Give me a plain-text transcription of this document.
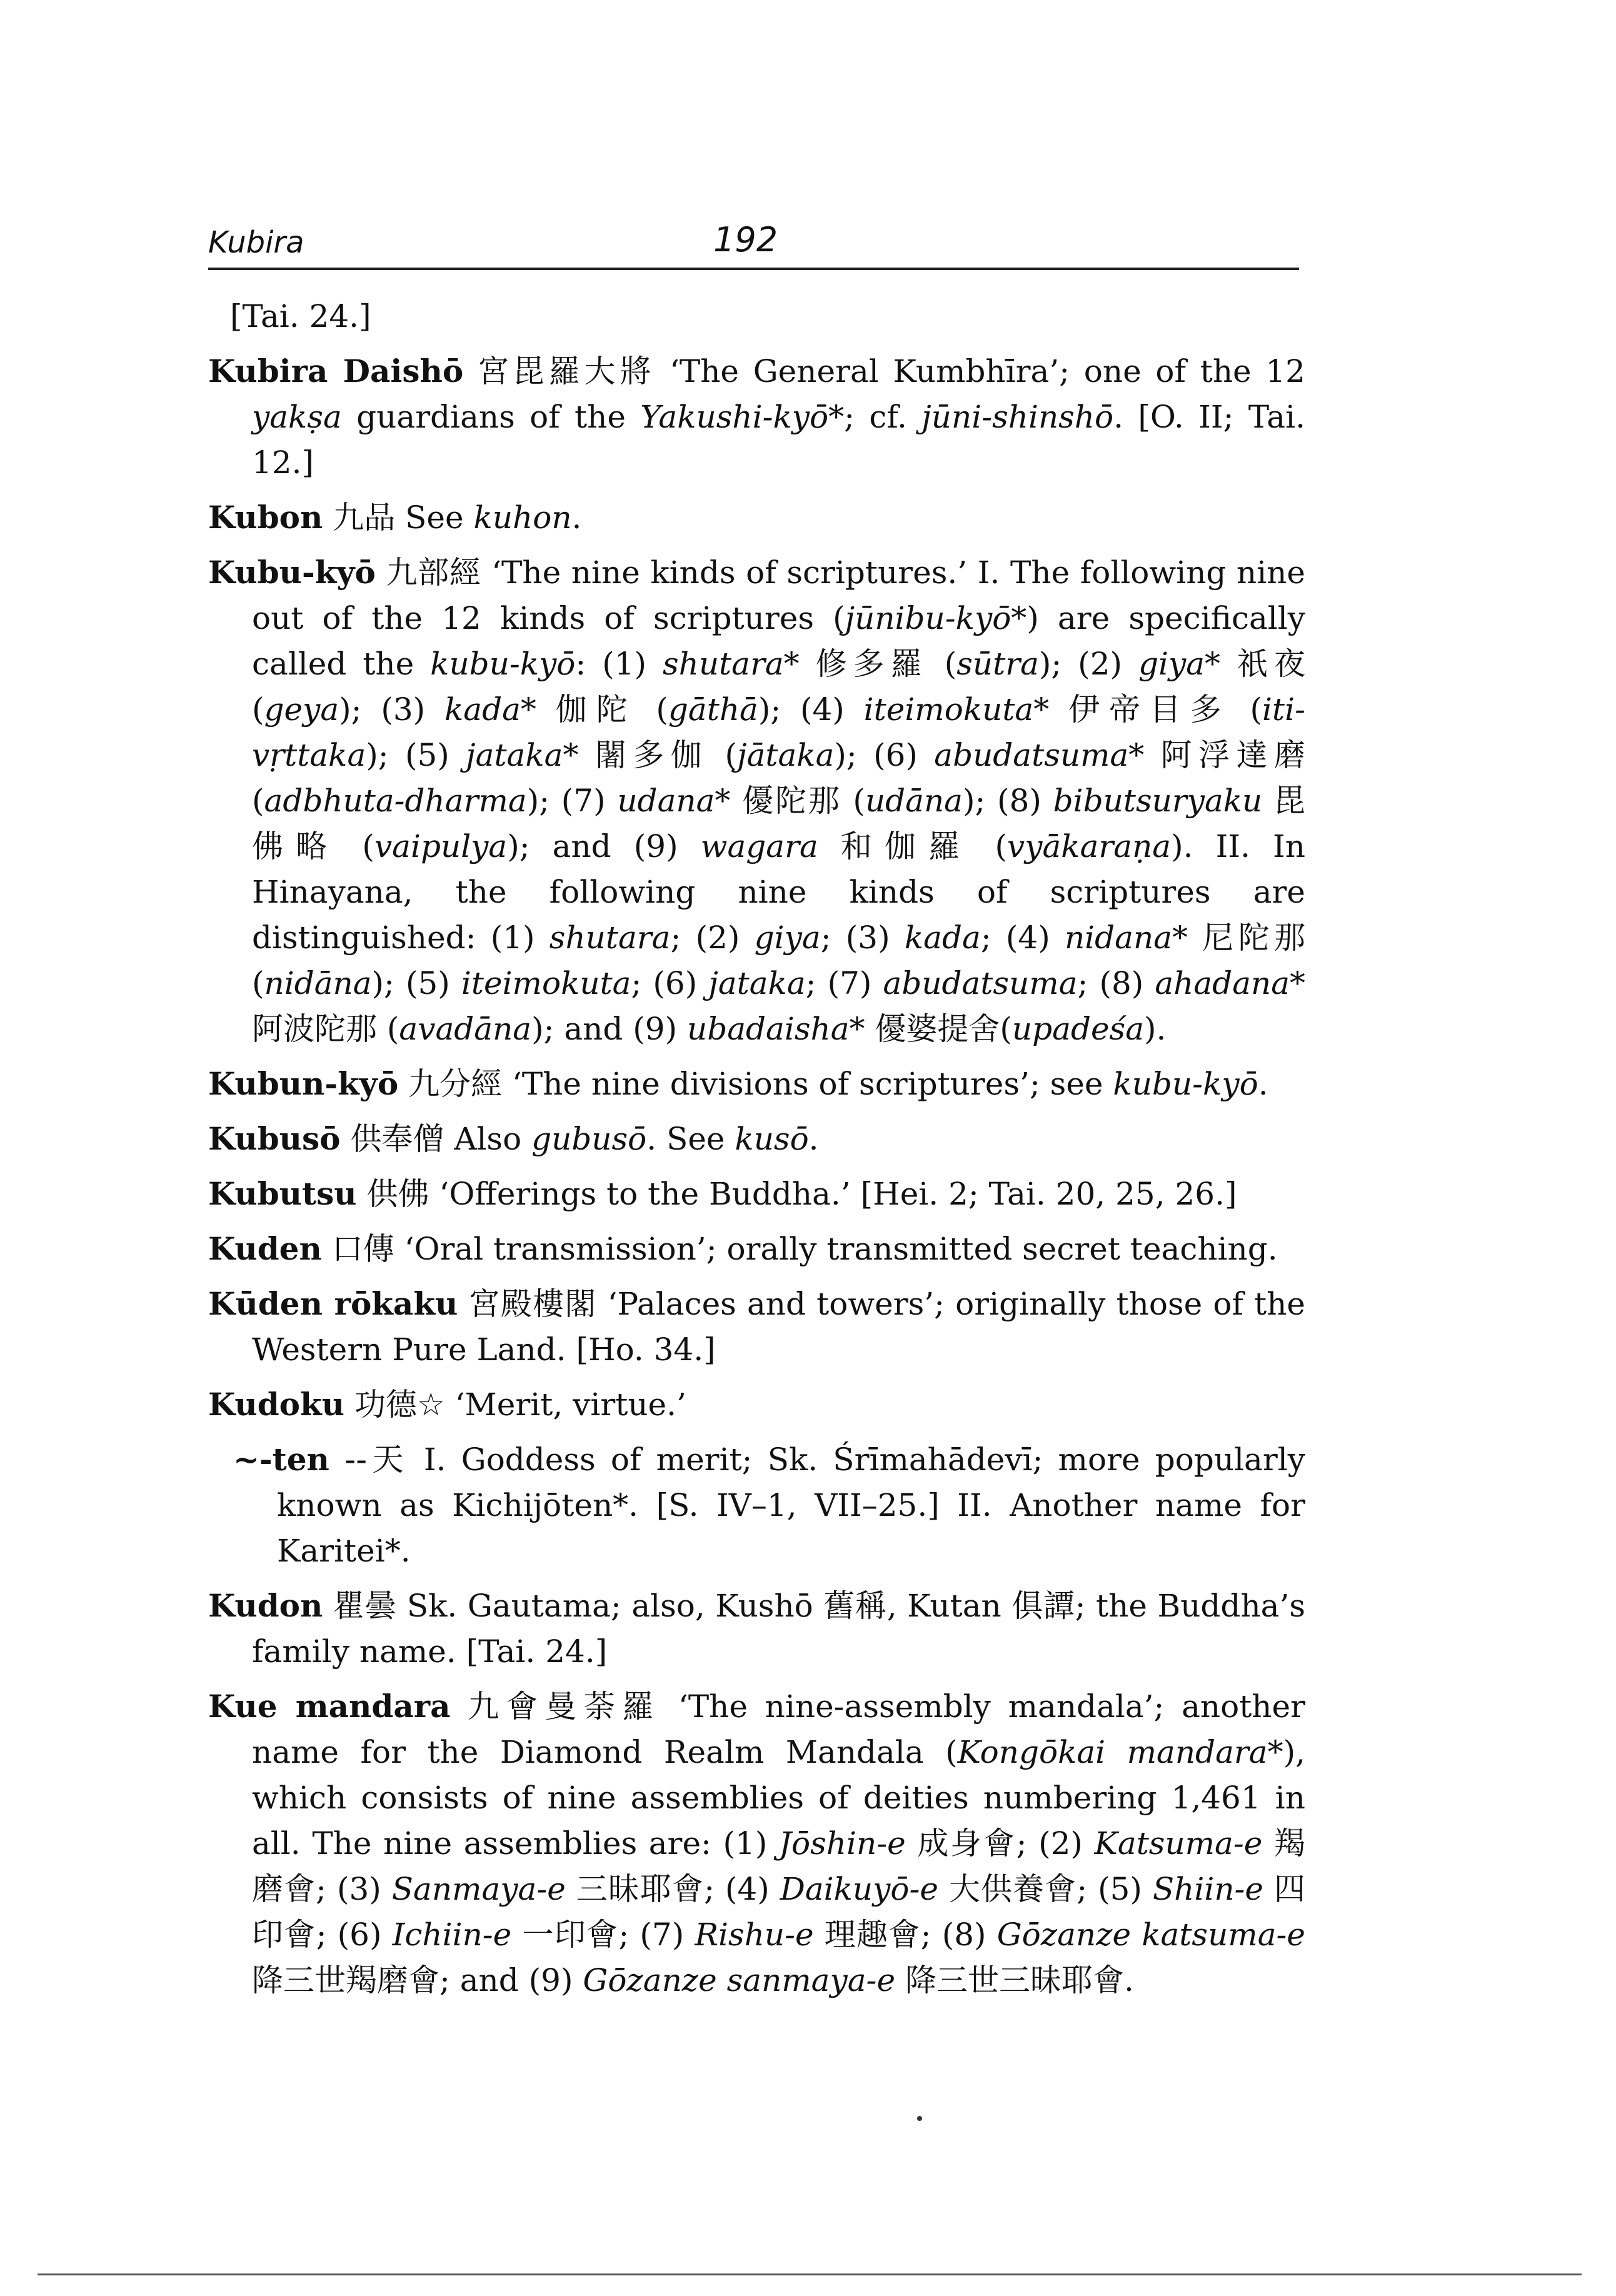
Kubira	192
[Tai. 24.]
Kubira Daishō 宮毘羅大將 ‘The General Kumbhīra’; one of the 12 yakṣa guardians of the Yakushi-kyō*; cf. jūni-shinshō. [O. II; Tai. 12.]
Kubon 九品 See kuhon.
Kubu-kyō 九部經 ‘The nine kinds of scriptures.’ I. The following nine out of the 12 kinds of scriptures (jūnibu-kyō*) are specifically called the kubu-kyō: (1) shutara* 修多羅 (sūtra); (2) giya* 祇夜 (geya); (3) kada* 伽陀 (gāthā); (4) iteimokuta* 伊帝目多 (iti-vṛttaka); (5) jataka* 闍多伽 (jātaka); (6) abudatsuma* 阿浮達磨 (adbhuta-dharma); (7) udana* 優陀那 (udāna); (8) bibutsuryaku 毘佛略 (vaipulya); and (9) wagara 和伽羅 (vyākaraṇa). II. In Hinayana, the following nine kinds of scriptures are distinguished: (1) shutara; (2) giya; (3) kada; (4) nidana* 尼陀那 (nidāna); (5) iteimokuta; (6) jataka; (7) abudatsuma; (8) ahadana* 阿波陀那 (avadāna); and (9) ubadaisha* 優婆提舍(upadeśa).
Kubun-kyō 九分經 ‘The nine divisions of scriptures’; see kubu-kyō.
Kubusō 供奉僧 Also gubusō. See kusō.
Kubutsu 供佛 ‘Offerings to the Buddha.’ [Hei. 2; Tai. 20, 25, 26.]
Kuden 口傳 ‘Oral transmission’; orally transmitted secret teaching.
Kūden rōkaku 宮殿樓閣 ‘Palaces and towers’; originally those of the Western Pure Land. [Ho. 34.]
Kudoku 功德☆ ‘Merit, virtue.’
~-ten --天 I. Goddess of merit; Sk. Śrīmahādevī; more popularly known as Kichijōten*. [S. IV–1, VII–25.] II. Another name for Karitei*.
Kudon 瞿曇 Sk. Gautama; also, Kushō 舊稱, Kutan 俱譚; the Buddha’s family name. [Tai. 24.]
Kue mandara 九會曼荼羅 ‘The nine-assembly mandala’; another name for the Diamond Realm Mandala (Kongōkai mandara*), which consists of nine assemblies of deities numbering 1,461 in all. The nine assemblies are: (1) Jōshin-e 成身會; (2) Katsuma-e 羯磨會; (3) Sanmaya-e 三昧耶會; (4) Daikuyō-e 大供養會; (5) Shiin-e 四印會; (6) Ichiin-e 一印會; (7) Rishu-e 理趣會; (8) Gōzanze katsuma-e 降三世羯磨會; and (9) Gōzanze sanmaya-e 降三世三昧耶會.
